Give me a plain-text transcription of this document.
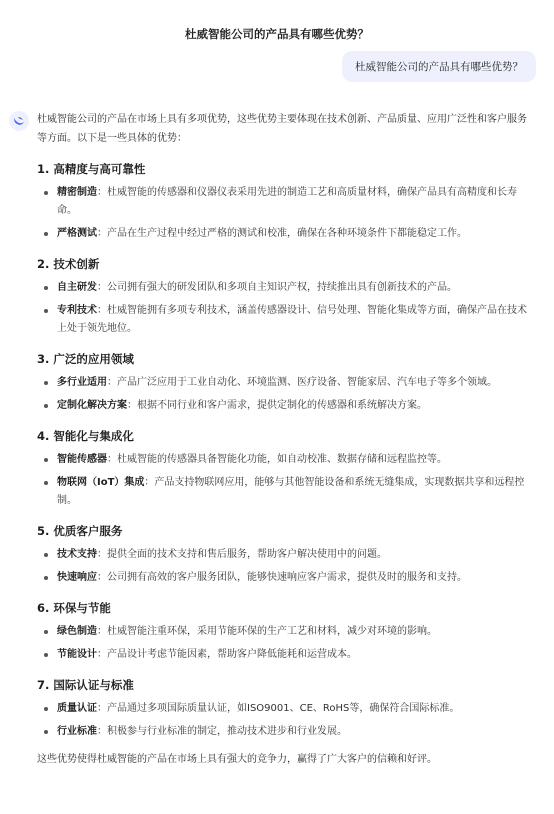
杜威智能公司的产品具有哪些优势？
杜威智能公司的产品具有哪些优势？

杜威智能公司的产品在市场上具有多项优势，这些优势主要体现在技术创新、产品质量、应用广泛性和客户服务等方面。以下是一些具体的优势：

1. 高精度与高可靠性
精密制造：杜威智能的传感器和仪器仪表采用先进的制造工艺和高质量材料，确保产品具有高精度和长寿命。
严格测试：产品在生产过程中经过严格的测试和校准，确保在各种环境条件下都能稳定工作。
2. 技术创新
自主研发：公司拥有强大的研发团队和多项自主知识产权，持续推出具有创新技术的产品。
专利技术：杜威智能拥有多项专利技术，涵盖传感器设计、信号处理、智能化集成等方面，确保产品在技术上处于领先地位。
3. 广泛的应用领域
多行业适用：产品广泛应用于工业自动化、环境监测、医疗设备、智能家居、汽车电子等多个领域。
定制化解决方案：根据不同行业和客户需求，提供定制化的传感器和系统解决方案。
4. 智能化与集成化
智能传感器：杜威智能的传感器具备智能化功能，如自动校准、数据存储和远程监控等。
物联网（IoT）集成：产品支持物联网应用，能够与其他智能设备和系统无缝集成，实现数据共享和远程控制。
5. 优质客户服务
技术支持：提供全面的技术支持和售后服务，帮助客户解决使用中的问题。
快速响应：公司拥有高效的客户服务团队，能够快速响应客户需求，提供及时的服务和支持。
6. 环保与节能
绿色制造：杜威智能注重环保，采用节能环保的生产工艺和材料，减少对环境的影响。
节能设计：产品设计考虑节能因素，帮助客户降低能耗和运营成本。
7. 国际认证与标准
质量认证：产品通过多项国际质量认证，如ISO9001、CE、RoHS等，确保符合国际标准。
行业标准：积极参与行业标准的制定，推动技术进步和行业发展。

这些优势使得杜威智能的产品在市场上具有强大的竞争力，赢得了广大客户的信赖和好评。
